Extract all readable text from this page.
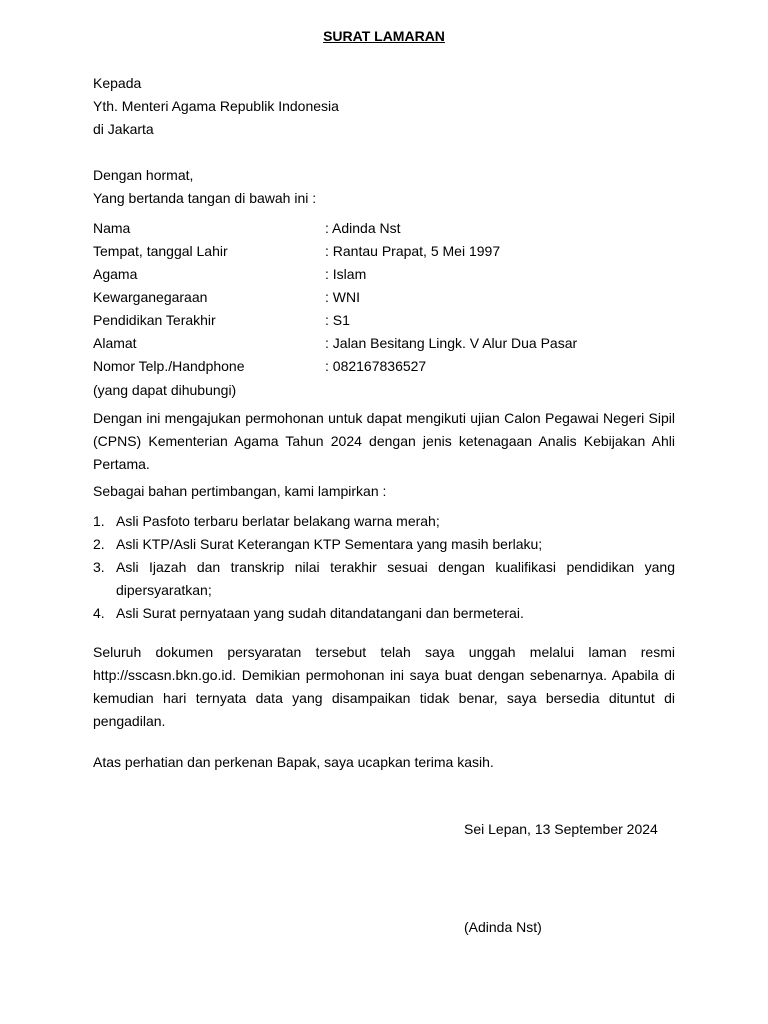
SURAT LAMARAN
Kepada
Yth. Menteri Agama Republik Indonesia
di Jakarta
Dengan hormat,
Yang bertanda tangan di bawah ini :
Nama	: Adinda Nst
Tempat, tanggal Lahir	: Rantau Prapat, 5 Mei 1997
Agama	: Islam
Kewarganegaraan	: WNI
Pendidikan Terakhir	: S1
Alamat	: Jalan Besitang Lingk. V Alur Dua Pasar
Nomor Telp./Handphone	: 082167836527
(yang dapat dihubungi)
Dengan ini mengajukan permohonan untuk dapat mengikuti ujian Calon Pegawai Negeri Sipil (CPNS) Kementerian Agama Tahun 2024 dengan jenis ketenagaan Analis Kebijakan Ahli Pertama.
Sebagai bahan pertimbangan, kami lampirkan :
1. Asli Pasfoto terbaru berlatar belakang warna merah;
2. Asli KTP/Asli Surat Keterangan KTP Sementara yang masih berlaku;
3. Asli Ijazah dan transkrip nilai terakhir sesuai dengan kualifikasi pendidikan yang dipersyaratkan;
4. Asli Surat pernyataan yang sudah ditandatangani dan bermeterai.
Seluruh dokumen persyaratan tersebut telah saya unggah melalui laman resmi http://sscasn.bkn.go.id. Demikian permohonan ini saya buat dengan sebenarnya. Apabila di kemudian hari ternyata data yang disampaikan tidak benar, saya bersedia dituntut di pengadilan.
Atas perhatian dan perkenan Bapak, saya ucapkan terima kasih.
Sei Lepan, 13 September 2024
(Adinda Nst)
